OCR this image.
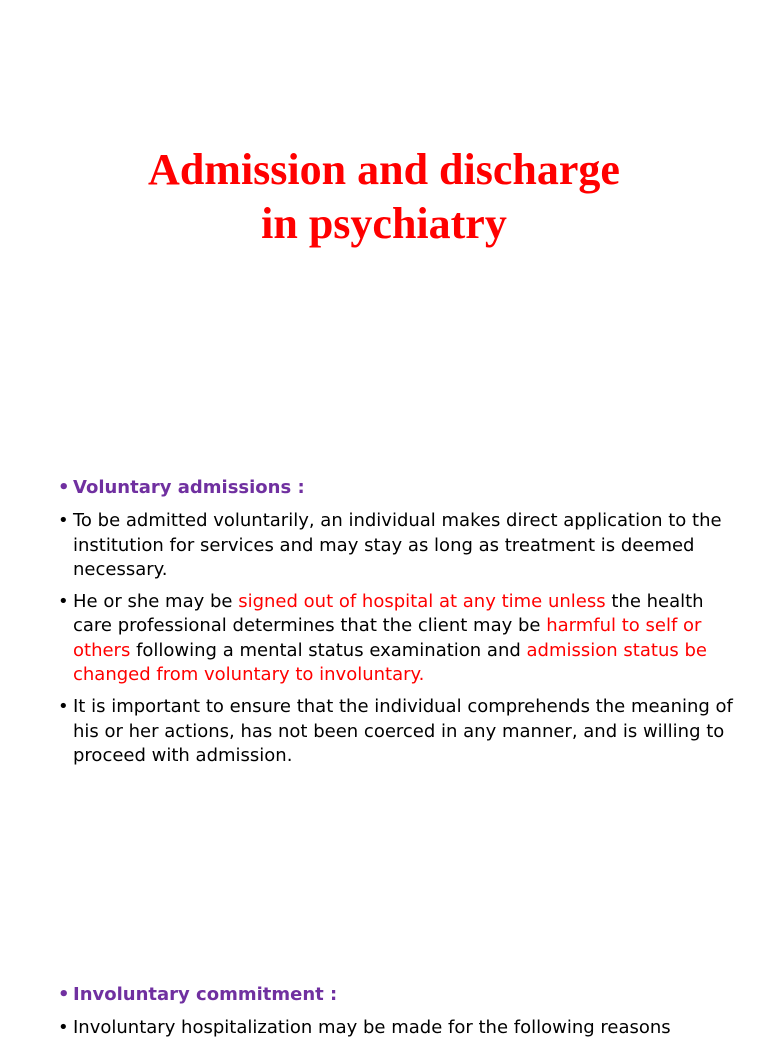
Admission and discharge
in psychiatry
• Voluntary admissions :
• To be admitted voluntarily, an individual makes direct application to the institution for services and may stay as long as treatment is deemed necessary.
• He or she may be signed out of hospital at any time unless the health care professional determines that the client may be harmful to self or others following a mental status examination and admission status be changed from voluntary to involuntary.
• It is important to ensure that the individual comprehends the meaning of his or her actions, has not been coerced in any manner, and is willing to proceed with admission.
• Involuntary commitment :
• Involuntary hospitalization may be made for the following reasons
